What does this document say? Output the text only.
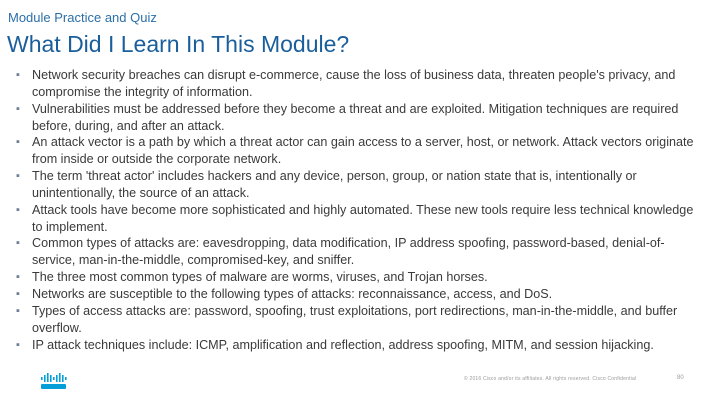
Module Practice and Quiz
What Did I Learn In This Module?
▪ Network security breaches can disrupt e-commerce, cause the loss of business data, threaten people's privacy, and compromise the integrity of information.
▪ Vulnerabilities must be addressed before they become a threat and are exploited. Mitigation techniques are required before, during, and after an attack.
▪ An attack vector is a path by which a threat actor can gain access to a server, host, or network. Attack vectors originate from inside or outside the corporate network.
▪ The term 'threat actor' includes hackers and any device, person, group, or nation state that is, intentionally or unintentionally, the source of an attack.
▪ Attack tools have become more sophisticated and highly automated. These new tools require less technical knowledge to implement.
▪ Common types of attacks are: eavesdropping, data modification, IP address spoofing, password-based, denial-of-service, man-in-the-middle, compromised-key, and sniffer.
▪ The three most common types of malware are worms, viruses, and Trojan horses.
▪ Networks are susceptible to the following types of attacks: reconnaissance, access, and DoS.
▪ Types of access attacks are: password, spoofing, trust exploitations, port redirections, man-in-the-middle, and buffer overflow.
▪ IP attack techniques include: ICMP, amplification and reflection, address spoofing, MITM, and session hijacking.
© 2016 Cisco and/or its affiliates. All rights reserved. Cisco Confidential	80
